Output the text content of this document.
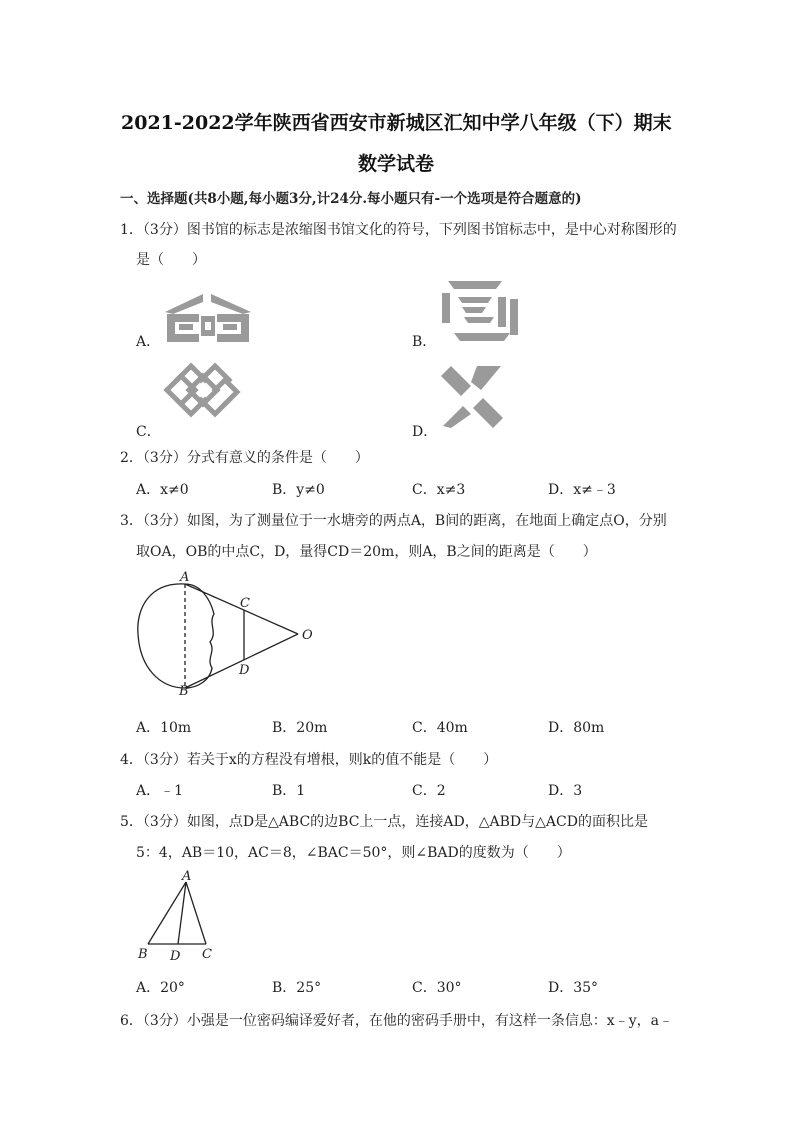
2021-2022学年陕西省西安市新城区汇知中学八年级（下）期末
数学试卷
一、选择题(共8小题,每小题3分,计24分.每小题只有-一个选项是符合题意的)
1．（3分）图书馆的标志是浓缩图书馆文化的符号，下列图书馆标志中，是中心对称图形的
是（　　）
A．	B．
C．	D．
2．（3分）分式有意义的条件是（　　）
A．x≠0	B．y≠0	C．x≠3	D．x≠﹣3
3．（3分）如图，为了测量位于一水塘旁的两点A，B间的距离，在地面上确定点O，分别
取OA，OB的中点C，D，量得CD＝20m，则A，B之间的距离是（　　）
A
B
C
D
O
A．10m	B．20m	C．40m	D．80m
4．（3分）若关于x的方程没有增根，则k的值不能是（　　）
A．﹣1	B．1	C．2	D．3
5．（3分）如图，点D是△ABC的边BC上一点，连接AD，△ABD与△ACD的面积比是
5：4，AB＝10，AC＝8，∠BAC＝50°，则∠BAD的度数为（　　）
A
B D C
A．20°	B．25°	C．30°	D．35°
6．（3分）小强是一位密码编译爱好者，在他的密码手册中，有这样一条信息：x﹣y，a﹣
